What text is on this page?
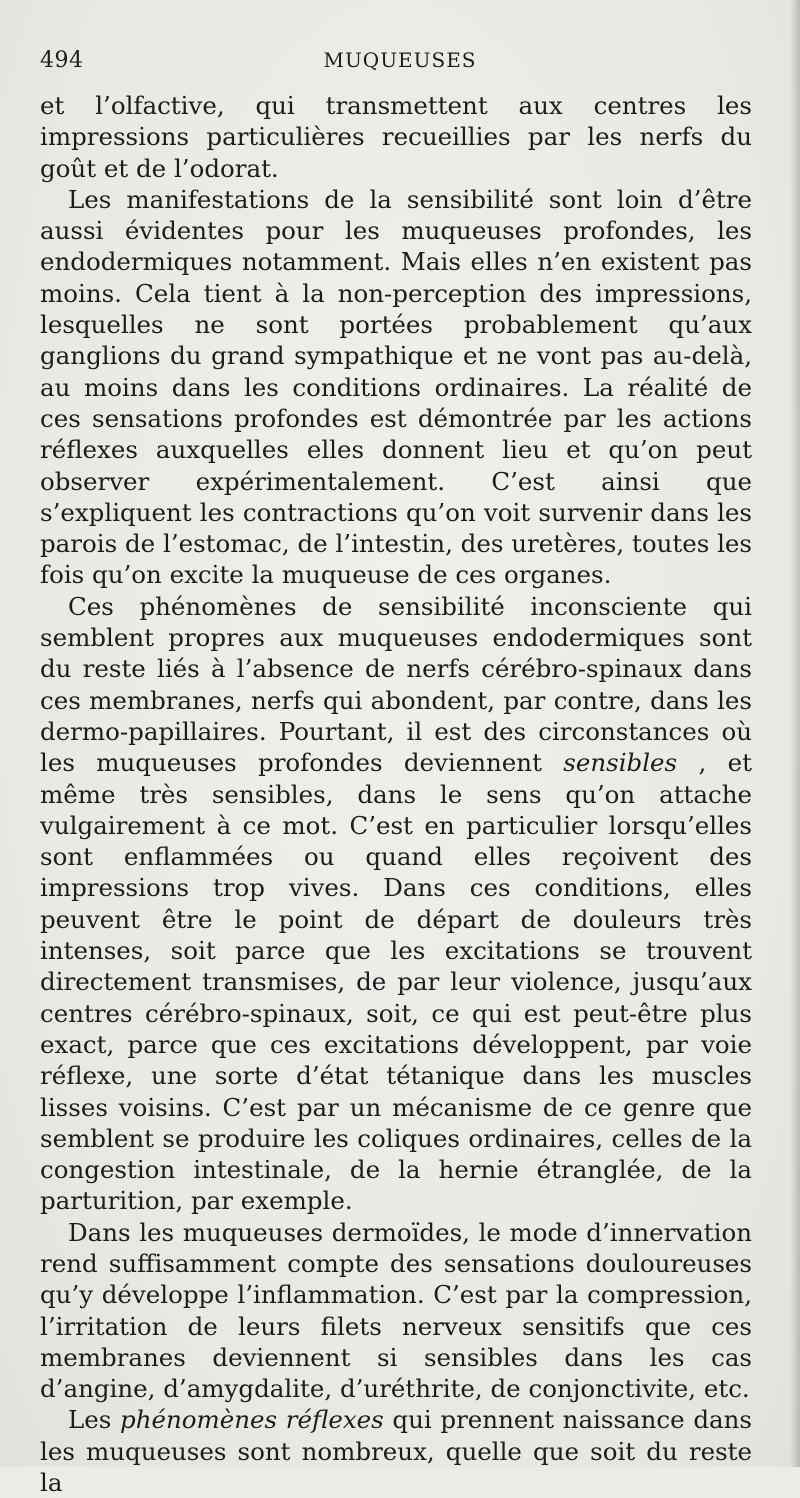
494	MUQUEUSES

et l’olfactive, qui transmettent aux centres les impressions particulières recueillies par les nerfs du goût et de l’odorat.

Les manifestations de la sensibilité sont loin d’être aussi évidentes pour les muqueuses profondes, les endodermiques notamment. Mais elles n’en existent pas moins. Cela tient à la non-perception des impressions, lesquelles ne sont portées probablement qu’aux ganglions du grand sympathique et ne vont pas au-delà, au moins dans les conditions ordinaires. La réalité de ces sensations profondes est démontrée par les actions réflexes auxquelles elles donnent lieu et qu’on peut observer expérimentalement. C’est ainsi que s’expliquent les contractions qu’on voit survenir dans les parois de l’estomac, de l’intestin, des uretères, toutes les fois qu’on excite la muqueuse de ces organes.

Ces phénomènes de sensibilité inconsciente qui semblent propres aux muqueuses endodermiques sont du reste liés à l’absence de nerfs cérébro-spinaux dans ces membranes, nerfs qui abondent, par contre, dans les dermo-papillaires. Pourtant, il est des circonstances où les muqueuses profondes deviennent sensibles , et même très sensibles, dans le sens qu’on attache vulgairement à ce mot. C’est en particulier lorsqu’elles sont enflammées ou quand elles reçoivent des impressions trop vives. Dans ces conditions, elles peuvent être le point de départ de douleurs très intenses, soit parce que les excitations se trouvent directement transmises, de par leur violence, jusqu’aux centres cérébro-spinaux, soit, ce qui est peut-être plus exact, parce que ces excitations développent, par voie réflexe, une sorte d’état tétanique dans les muscles lisses voisins. C’est par un mécanisme de ce genre que semblent se produire les coliques ordinaires, celles de la congestion intestinale, de la hernie étranglée, de la parturition, par exemple.

Dans les muqueuses dermoïdes, le mode d’innervation rend suffisamment compte des sensations douloureuses qu’y développe l’inflammation. C’est par la compression, l’irritation de leurs filets nerveux sensitifs que ces membranes deviennent si sensibles dans les cas d’angine, d’amygdalite, d’uréthrite, de conjonctivite, etc.

Les phénomènes réflexes qui prennent naissance dans les muqueuses sont nombreux, quelle que soit du reste la
